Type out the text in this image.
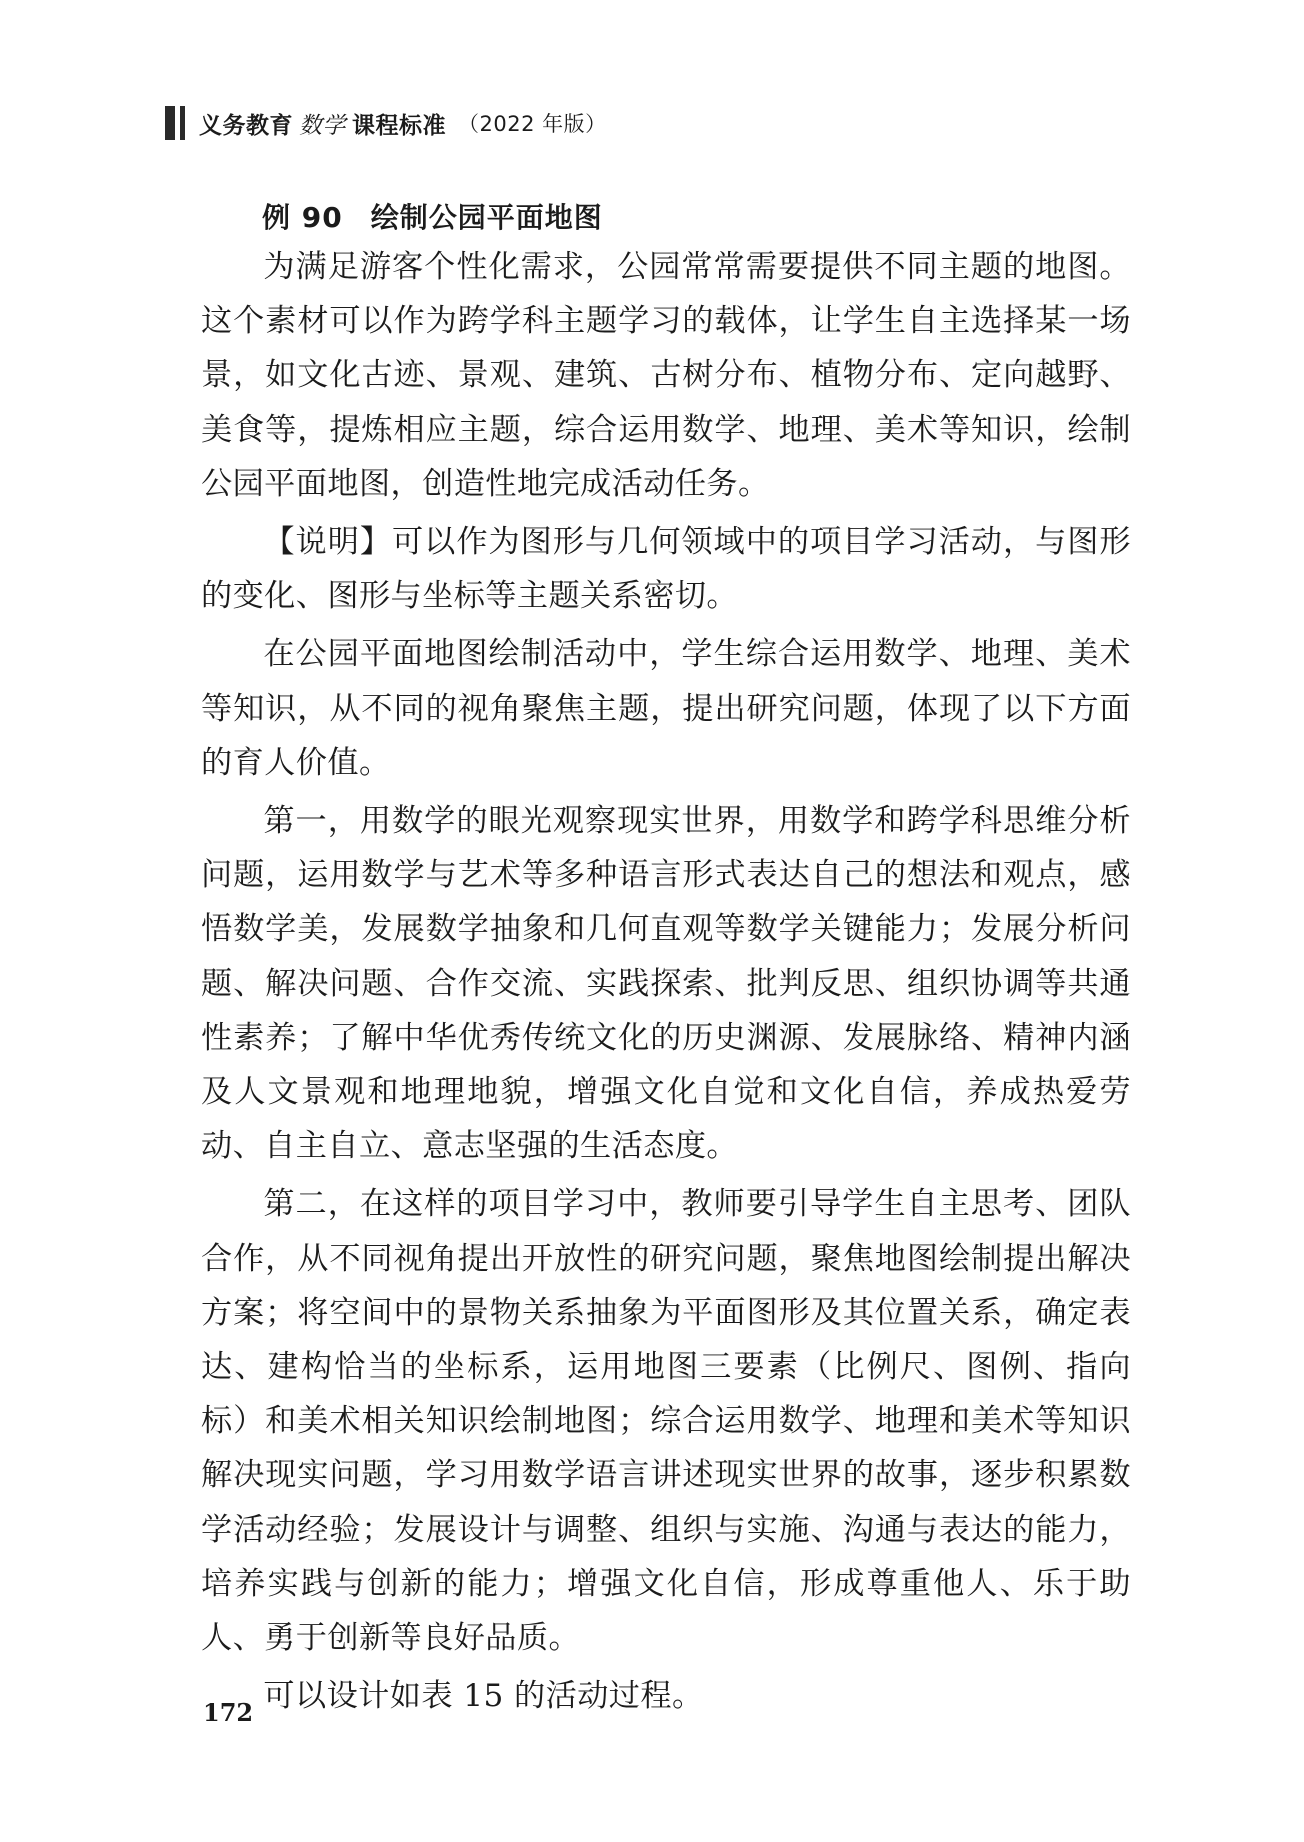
义务教育 数学 课程标准 （2022 年版）
例 90 绘制公园平面地图

为满足游客个性化需求，公园常常需要提供不同主题的地图。这个素材可以作为跨学科主题学习的载体，让学生自主选择某一场景，如文化古迹、景观、建筑、古树分布、植物分布、定向越野、美食等，提炼相应主题，综合运用数学、地理、美术等知识，绘制公园平面地图，创造性地完成活动任务。

【说明】可以作为图形与几何领域中的项目学习活动，与图形的变化、图形与坐标等主题关系密切。

在公园平面地图绘制活动中，学生综合运用数学、地理、美术等知识，从不同的视角聚焦主题，提出研究问题，体现了以下方面的育人价值。

第一，用数学的眼光观察现实世界，用数学和跨学科思维分析问题，运用数学与艺术等多种语言形式表达自己的想法和观点，感悟数学美，发展数学抽象和几何直观等数学关键能力；发展分析问题、解决问题、合作交流、实践探索、批判反思、组织协调等共通性素养；了解中华优秀传统文化的历史渊源、发展脉络、精神内涵及人文景观和地理地貌，增强文化自觉和文化自信，养成热爱劳动、自主自立、意志坚强的生活态度。

第二，在这样的项目学习中，教师要引导学生自主思考、团队合作，从不同视角提出开放性的研究问题，聚焦地图绘制提出解决方案；将空间中的景物关系抽象为平面图形及其位置关系，确定表达、建构恰当的坐标系，运用地图三要素（比例尺、图例、指向标）和美术相关知识绘制地图；综合运用数学、地理和美术等知识解决现实问题，学习用数学语言讲述现实世界的故事，逐步积累数学活动经验；发展设计与调整、组织与实施、沟通与表达的能力，培养实践与创新的能力；增强文化自信，形成尊重他人、乐于助人、勇于创新等良好品质。

可以设计如表 15 的活动过程。

172
